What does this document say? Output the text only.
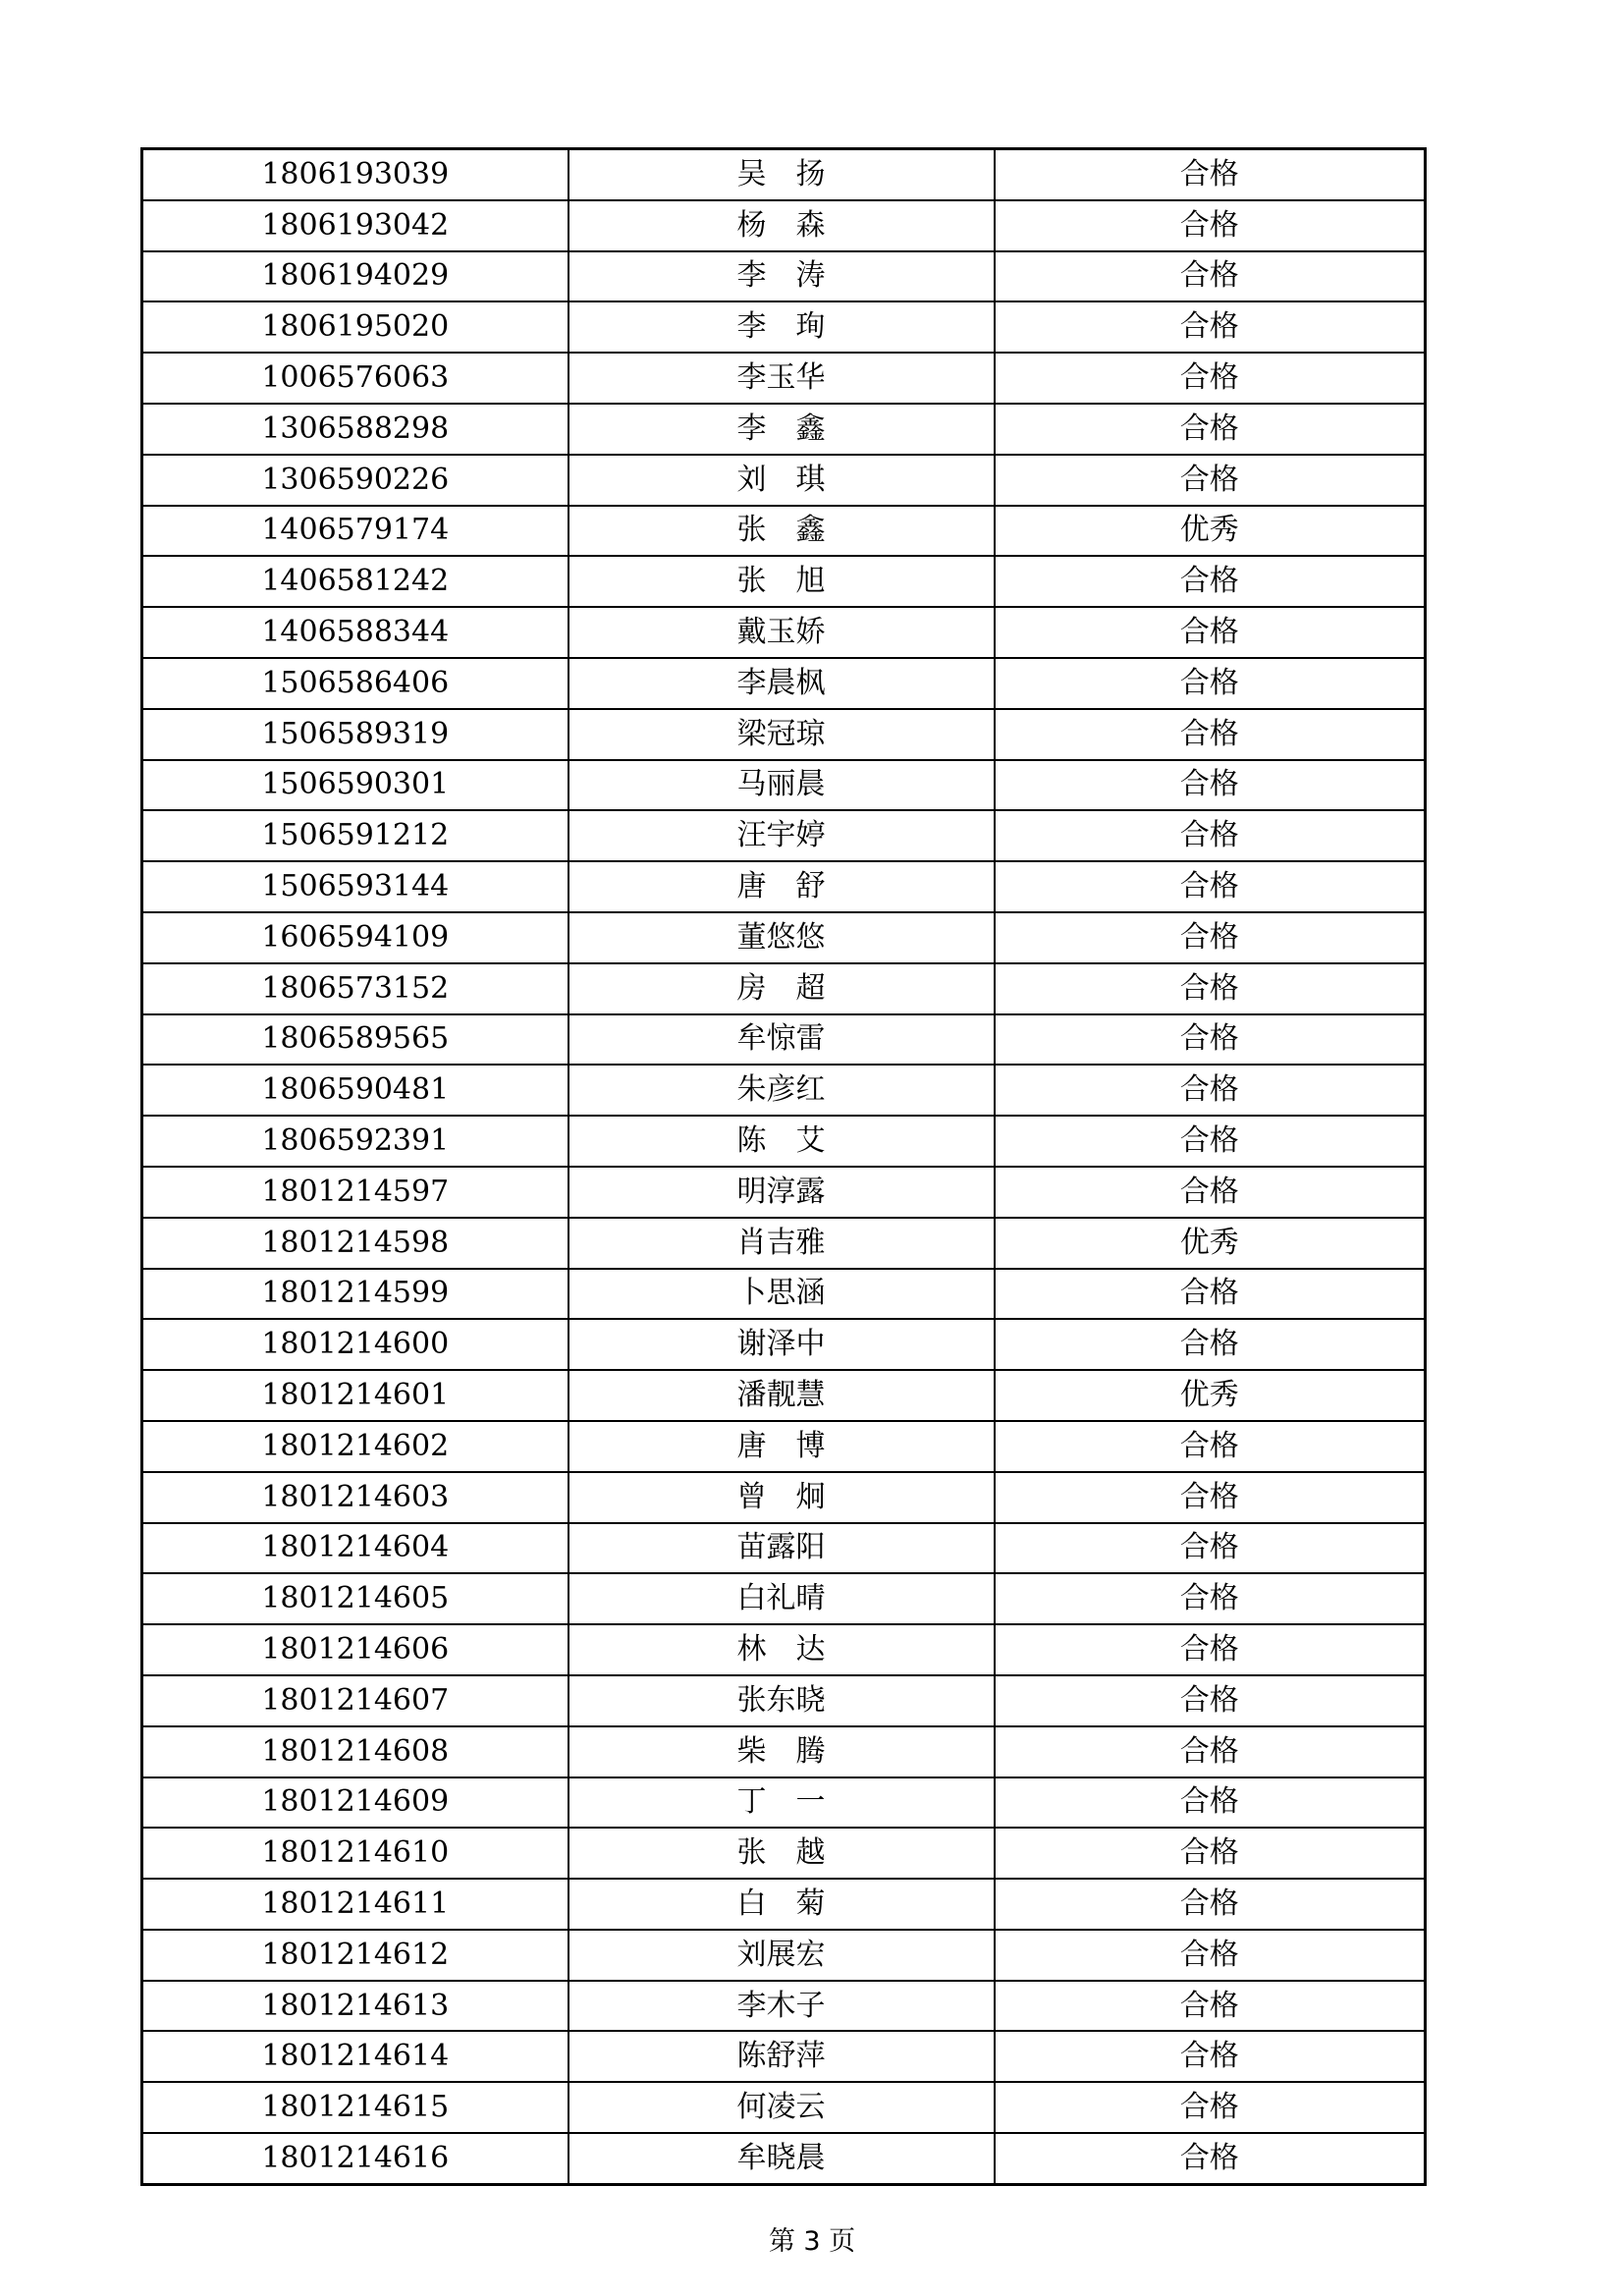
1806193039	吴　扬	合格
1806193042	杨　森	合格
1806194029	李　涛	合格
1806195020	李　珣	合格
1006576063	李玉华	合格
1306588298	李　鑫	合格
1306590226	刘　琪	合格
1406579174	张　鑫	优秀
1406581242	张　旭	合格
1406588344	戴玉娇	合格
1506586406	李晨枫	合格
1506589319	梁冠琼	合格
1506590301	马丽晨	合格
1506591212	汪宇婷	合格
1506593144	唐　舒	合格
1606594109	董悠悠	合格
1806573152	房　超	合格
1806589565	牟惊雷	合格
1806590481	朱彦红	合格
1806592391	陈　艾	合格
1801214597	明淳露	合格
1801214598	肖吉雅	优秀
1801214599	卜思涵	合格
1801214600	谢泽中	合格
1801214601	潘靓慧	优秀
1801214602	唐　博	合格
1801214603	曾　炯	合格
1801214604	苗露阳	合格
1801214605	白礼晴	合格
1801214606	林　达	合格
1801214607	张东晓	合格
1801214608	柴　腾	合格
1801214609	丁　一	合格
1801214610	张　越	合格
1801214611	白　菊	合格
1801214612	刘展宏	合格
1801214613	李木子	合格
1801214614	陈舒萍	合格
1801214615	何凌云	合格
1801214616	牟晓晨	合格
第 3 页
